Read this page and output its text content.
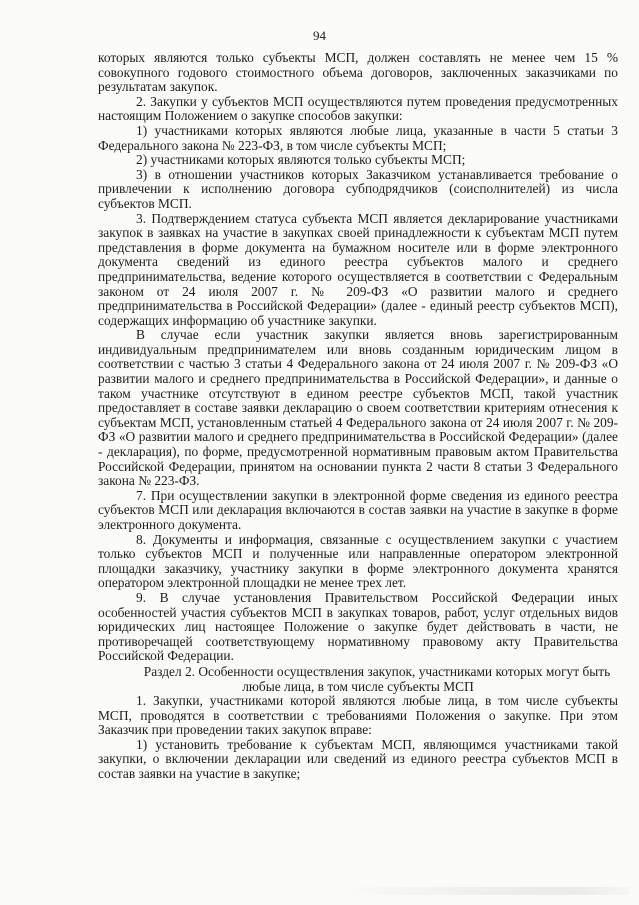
94

которых являются только субъекты МСП, должен составлять не менее чем 15 % совокупного годового стоимостного объема договоров, заключенных заказчиками по результатам закупок.

2. Закупки у субъектов МСП осуществляются путем проведения предусмотренных настоящим Положением о закупке способов закупки:

1) участниками которых являются любые лица, указанные в части 5 статьи 3 Федерального закона № 223-ФЗ, в том числе субъекты МСП;

2) участниками которых являются только субъекты МСП;

3) в отношении участников которых Заказчиком устанавливается требование о привлечении к исполнению договора субподрядчиков (соисполнителей) из числа субъектов МСП.

3. Подтверждением статуса субъекта МСП является декларирование участниками закупок в заявках на участие в закупках своей принадлежности к субъектам МСП путем представления в форме документа на бумажном носителе или в форме электронного документа сведений из единого реестра субъектов малого и среднего предпринимательства, ведение которого осуществляется в соответствии с Федеральным законом от 24 июля 2007 г. № 209-ФЗ «О развитии малого и среднего предпринимательства в Российской Федерации» (далее - единый реестр субъектов МСП), содержащих информацию об участнике закупки.

В случае если участник закупки является вновь зарегистрированным индивидуальным предпринимателем или вновь созданным юридическим лицом в соответствии с частью 3 статьи 4 Федерального закона от 24 июля 2007 г. № 209-ФЗ «О развитии малого и среднего предпринимательства в Российской Федерации», и данные о таком участнике отсутствуют в едином реестре субъектов МСП, такой участник предоставляет в составе заявки декларацию о своем соответствии критериям отнесения к субъектам МСП, установленным статьей 4 Федерального закона от 24 июля 2007 г. № 209-ФЗ «О развитии малого и среднего предпринимательства в Российской Федерации» (далее - декларация), по форме, предусмотренной нормативным правовым актом Правительства Российской Федерации, принятом на основании пункта 2 части 8 статьи 3 Федерального закона № 223-ФЗ.

7. При осуществлении закупки в электронной форме сведения из единого реестра субъектов МСП или декларация включаются в состав заявки на участие в закупке в форме электронного документа.

8. Документы и информация, связанные с осуществлением закупки с участием только субъектов МСП и полученные или направленные оператором электронной площадки заказчику, участнику закупки в форме электронного документа хранятся оператором электронной площадки не менее трех лет.

9. В случае установления Правительством Российской Федерации иных особенностей участия субъектов МСП в закупках товаров, работ, услуг отдельных видов юридических лиц настоящее Положение о закупке будет действовать в части, не противоречащей соответствующему нормативному правовому акту Правительства Российской Федерации.

Раздел 2. Особенности осуществления закупок, участниками которых могут быть любые лица, в том числе субъекты МСП

1. Закупки, участниками которой являются любые лица, в том числе субъекты МСП, проводятся в соответствии с требованиями Положения о закупке. При этом Заказчик при проведении таких закупок вправе:

1) установить требование к субъектам МСП, являющимся участниками такой закупки, о включении декларации или сведений из единого реестра субъектов МСП в состав заявки на участие в закупке;
